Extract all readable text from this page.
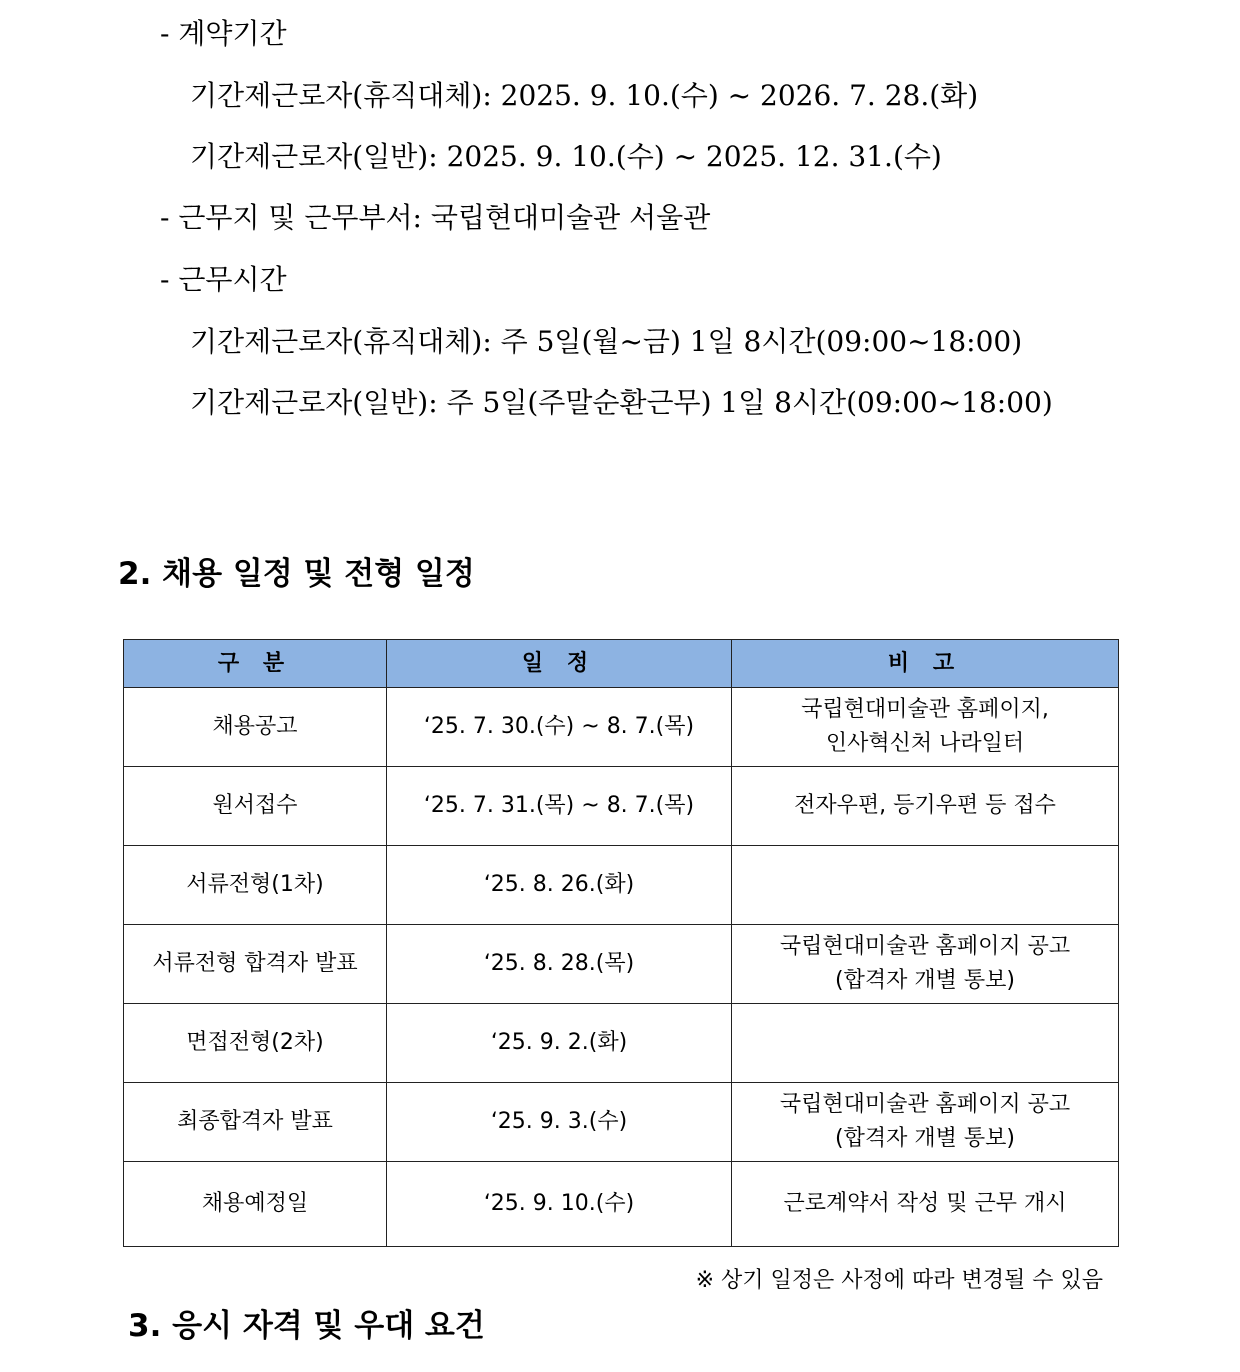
- 계약기간
기간제근로자(휴직대체): 2025. 9. 10.(수) ~ 2026. 7. 28.(화)
기간제근로자(일반): 2025. 9. 10.(수) ~ 2025. 12. 31.(수)
- 근무지 및 근무부서: 국립현대미술관 서울관
- 근무시간
기간제근로자(휴직대체): 주 5일(월~금) 1일 8시간(09:00~18:00)
기간제근로자(일반): 주 5일(주말순환근무) 1일 8시간(09:00~18:00)
2. 채용 일정 및 전형 일정
구 분	일 정	비 고
채용공고	‘25. 7. 30.(수) ~ 8. 7.(목)	국립현대미술관 홈페이지,
인사혁신처 나라일터

원서접수	‘25. 7. 31.(목) ~ 8. 7.(목)	전자우편, 등기우편 등 접수

서류전형(1차)	‘25. 8. 26.(화)	
서류전형 합격자 발표	‘25. 8. 28.(목)	국립현대미술관 홈페이지 공고
(합격자 개별 통보)

면접전형(2차)	‘25. 9. 2.(화)	
최종합격자 발표	‘25. 9. 3.(수)	국립현대미술관 홈페이지 공고
(합격자 개별 통보)

채용예정일	‘25. 9. 10.(수)	근로계약서 작성 및 근무 개시
※ 상기 일정은 사정에 따라 변경될 수 있음
3. 응시 자격 및 우대 요건
